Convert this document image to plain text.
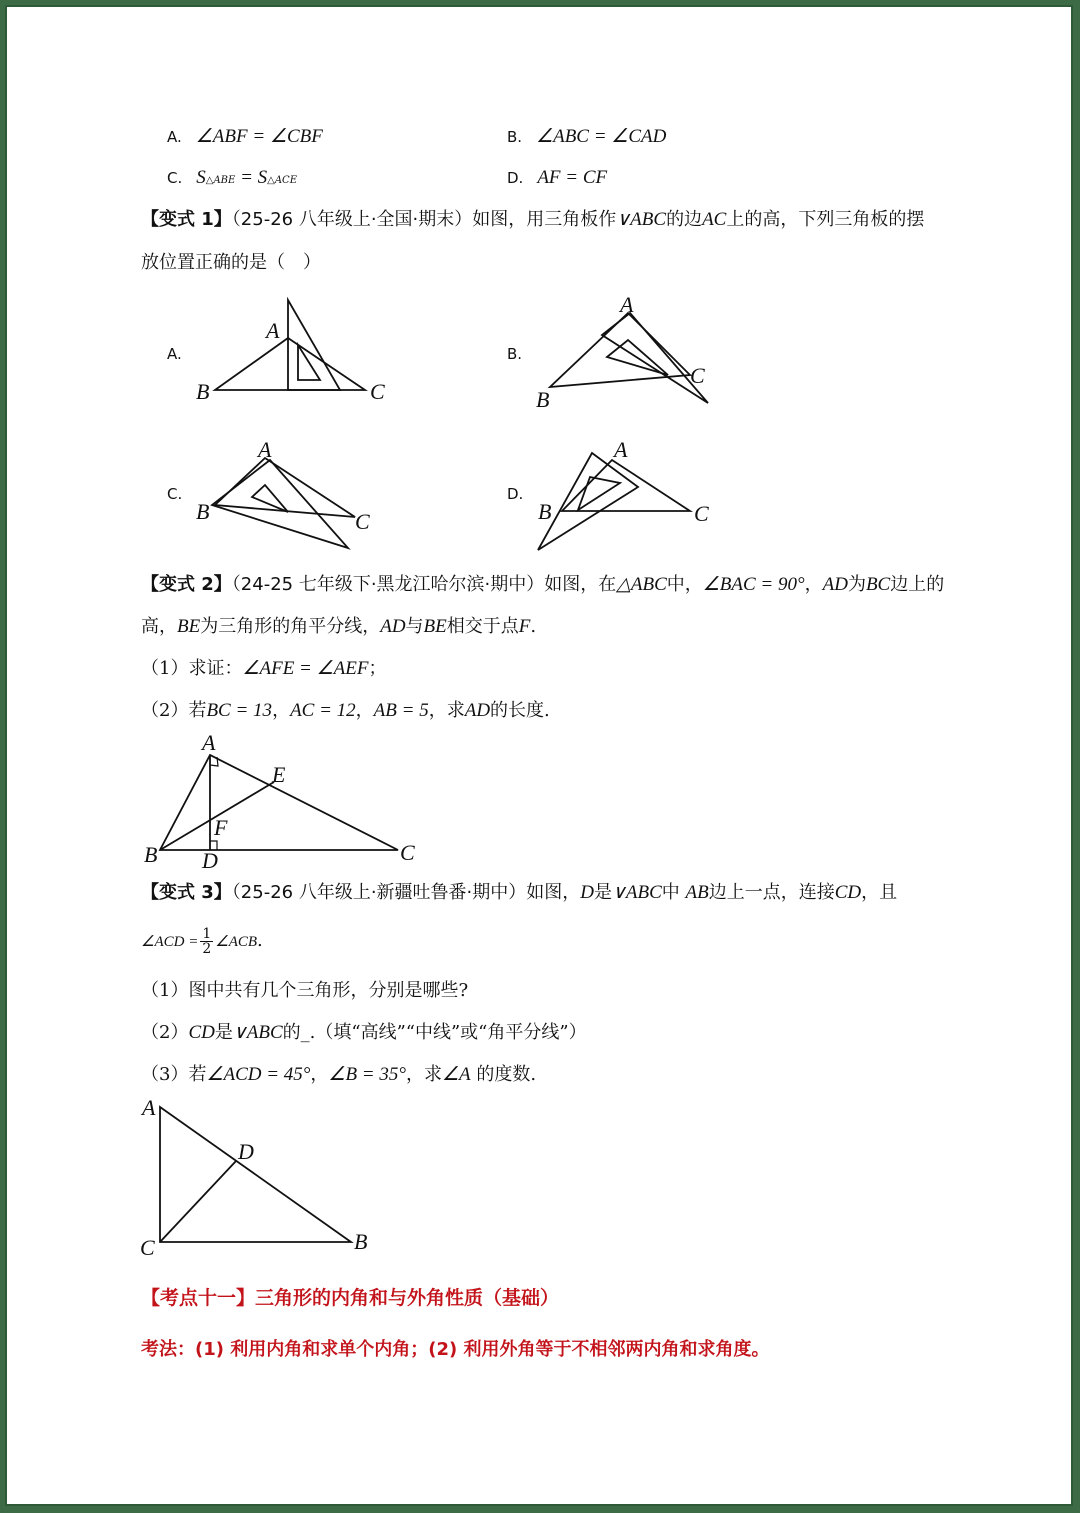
A. ∠ABF = ∠CBF	B. ∠ABC = ∠CAD
C. S△ABE = S△ACE	D. AF = CF
【变式 1】（25-26 八年级上·全国·期末）如图，用三角板作∨ABC的边AC上的高，下列三角板的摆
放位置正确的是（　）
A.	B.
C.	D.
A
B	C
A
B
C
A
B	C
A
B	C
【变式 2】（24-25 七年级下·黑龙江哈尔滨·期中）如图，在△ABC中，∠BAC = 90°，AD为BC边上的
高，BE为三角形的角平分线，AD与BE相交于点F.
（1）求证：∠AFE = ∠AEF；
（2）若BC = 13，AC = 12，AB = 5，求AD的长度.
A
B	C
D
E
F
【变式 3】（25-26 八年级上·新疆吐鲁番·期中）如图，D是∨ABC中 AB边上一点，连接CD，且
∠ACD = $\frac{1}{2}$ ∠ACB.
（1）图中共有几个三角形，分别是哪些?
（2）CD是∨ABC的_.（填“高线”“中线”或“角平分线”）
（3）若∠ACD = 45°，∠B = 35°，求∠A 的度数.
A
B
C
D
【考点十一】三角形的内角和与外角性质（基础）
考法：(1) 利用内角和求单个内角；(2) 利用外角等于不相邻两内角和求角度。
